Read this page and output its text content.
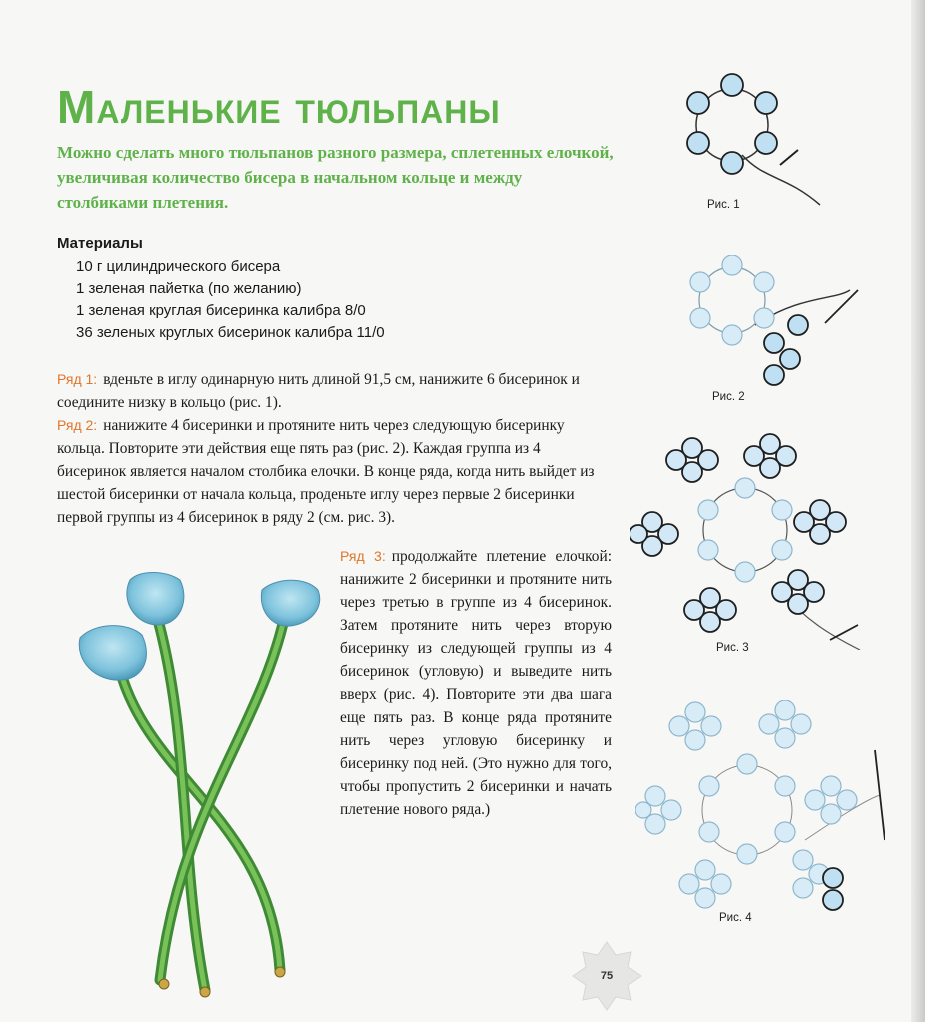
Маленькие тюльпаны

Можно сделать много тюльпанов разного размера, сплетенных елочкой, увеличивая количество бисера в начальном кольце и между столбиками плетения.

Материалы
10 г цилиндрического бисера
1 зеленая пайетка (по желанию)
1 зеленая круглая бисеринка калибра 8/0
36 зеленых круглых бисеринок калибра 11/0
Ряд 1: вденьте в иглу одинарную нить длиной 91,5 см, нанижите 6 бисеринок и соедините низку в кольцо (рис. 1).
Ряд 2: нанижите 4 бисеринки и протяните нить через следующую бисеринку кольца. Повторите эти действия еще пять раз (рис. 2). Каждая группа из 4 бисеринок является началом столбика елочки. В конце ряда, когда нить выйдет из шестой бисеринки от начала кольца, проденьте иглу через первые 2 бисеринки первой группы из 4 бисеринок в ряду 2 (см. рис. 3).
Ряд 3: продолжайте плетение елочкой: нанижите 2 бисеринки и протяните нить через третью в группе из 4 бисеринок. Затем протяните нить через вторую бисеринку из следующей группы из 4 бисеринок (угловую) и выведите нить вверх (рис. 4). Повторите эти два шага еще пять раз. В конце ряда протяните нить через угловую бисеринку и бисеринку под ней. (Это нужно для того, чтобы пропустить 2 бисеринки и начать плетение нового ряда.)
Рис. 1
Рис. 2
Рис. 3
Рис. 4
75
